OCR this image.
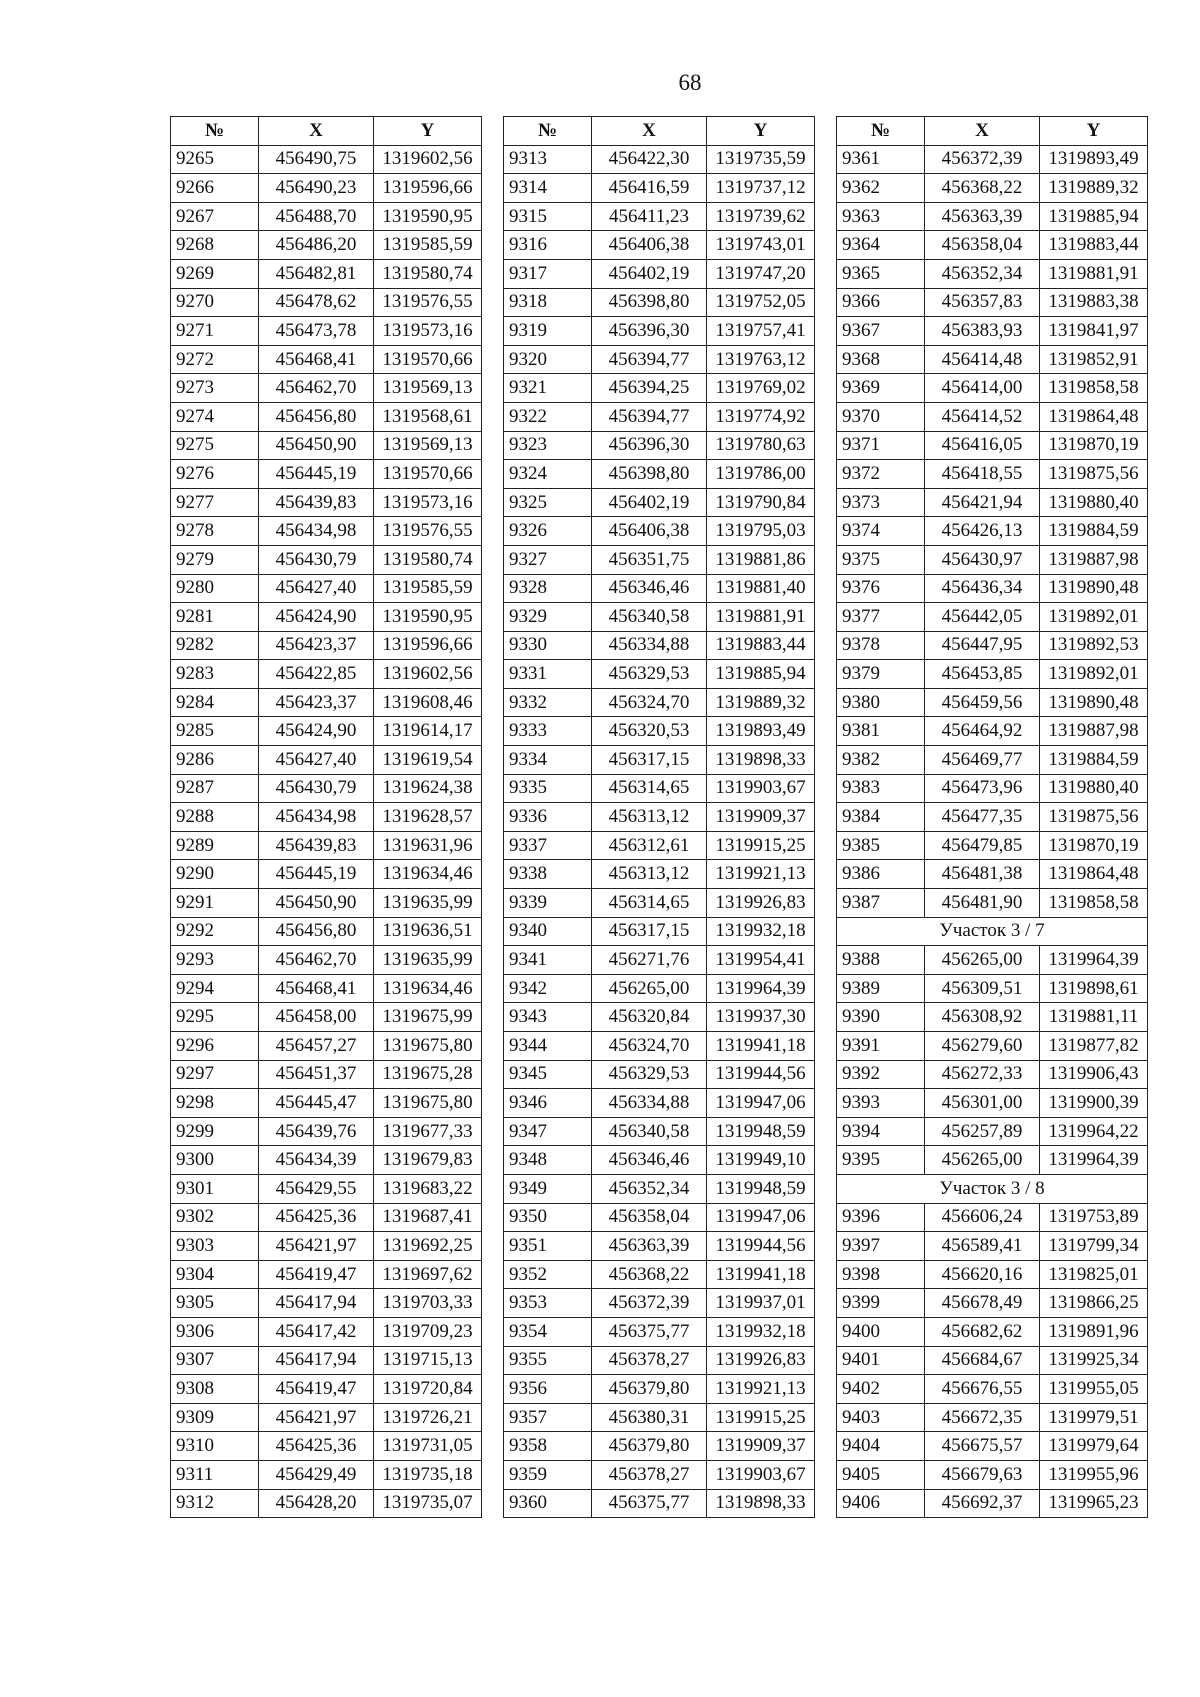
68
№	X	Y
9265	456490,75	1319602,56
9266	456490,23	1319596,66
9267	456488,70	1319590,95
9268	456486,20	1319585,59
9269	456482,81	1319580,74
9270	456478,62	1319576,55
9271	456473,78	1319573,16
9272	456468,41	1319570,66
9273	456462,70	1319569,13
9274	456456,80	1319568,61
9275	456450,90	1319569,13
9276	456445,19	1319570,66
9277	456439,83	1319573,16
9278	456434,98	1319576,55
9279	456430,79	1319580,74
9280	456427,40	1319585,59
9281	456424,90	1319590,95
9282	456423,37	1319596,66
9283	456422,85	1319602,56
9284	456423,37	1319608,46
9285	456424,90	1319614,17
9286	456427,40	1319619,54
9287	456430,79	1319624,38
9288	456434,98	1319628,57
9289	456439,83	1319631,96
9290	456445,19	1319634,46
9291	456450,90	1319635,99
9292	456456,80	1319636,51
9293	456462,70	1319635,99
9294	456468,41	1319634,46
9295	456458,00	1319675,99
9296	456457,27	1319675,80
9297	456451,37	1319675,28
9298	456445,47	1319675,80
9299	456439,76	1319677,33
9300	456434,39	1319679,83
9301	456429,55	1319683,22
9302	456425,36	1319687,41
9303	456421,97	1319692,25
9304	456419,47	1319697,62
9305	456417,94	1319703,33
9306	456417,42	1319709,23
9307	456417,94	1319715,13
9308	456419,47	1319720,84
9309	456421,97	1319726,21
9310	456425,36	1319731,05
9311	456429,49	1319735,18
9312	456428,20	1319735,07
№	X	Y
9313	456422,30	1319735,59
9314	456416,59	1319737,12
9315	456411,23	1319739,62
9316	456406,38	1319743,01
9317	456402,19	1319747,20
9318	456398,80	1319752,05
9319	456396,30	1319757,41
9320	456394,77	1319763,12
9321	456394,25	1319769,02
9322	456394,77	1319774,92
9323	456396,30	1319780,63
9324	456398,80	1319786,00
9325	456402,19	1319790,84
9326	456406,38	1319795,03
9327	456351,75	1319881,86
9328	456346,46	1319881,40
9329	456340,58	1319881,91
9330	456334,88	1319883,44
9331	456329,53	1319885,94
9332	456324,70	1319889,32
9333	456320,53	1319893,49
9334	456317,15	1319898,33
9335	456314,65	1319903,67
9336	456313,12	1319909,37
9337	456312,61	1319915,25
9338	456313,12	1319921,13
9339	456314,65	1319926,83
9340	456317,15	1319932,18
9341	456271,76	1319954,41
9342	456265,00	1319964,39
9343	456320,84	1319937,30
9344	456324,70	1319941,18
9345	456329,53	1319944,56
9346	456334,88	1319947,06
9347	456340,58	1319948,59
9348	456346,46	1319949,10
9349	456352,34	1319948,59
9350	456358,04	1319947,06
9351	456363,39	1319944,56
9352	456368,22	1319941,18
9353	456372,39	1319937,01
9354	456375,77	1319932,18
9355	456378,27	1319926,83
9356	456379,80	1319921,13
9357	456380,31	1319915,25
9358	456379,80	1319909,37
9359	456378,27	1319903,67
9360	456375,77	1319898,33
№	X	Y
9361	456372,39	1319893,49
9362	456368,22	1319889,32
9363	456363,39	1319885,94
9364	456358,04	1319883,44
9365	456352,34	1319881,91
9366	456357,83	1319883,38
9367	456383,93	1319841,97
9368	456414,48	1319852,91
9369	456414,00	1319858,58
9370	456414,52	1319864,48
9371	456416,05	1319870,19
9372	456418,55	1319875,56
9373	456421,94	1319880,40
9374	456426,13	1319884,59
9375	456430,97	1319887,98
9376	456436,34	1319890,48
9377	456442,05	1319892,01
9378	456447,95	1319892,53
9379	456453,85	1319892,01
9380	456459,56	1319890,48
9381	456464,92	1319887,98
9382	456469,77	1319884,59
9383	456473,96	1319880,40
9384	456477,35	1319875,56
9385	456479,85	1319870,19
9386	456481,38	1319864,48
9387	456481,90	1319858,58
Участок 3 / 7		
9388	456265,00	1319964,39
9389	456309,51	1319898,61
9390	456308,92	1319881,11
9391	456279,60	1319877,82
9392	456272,33	1319906,43
9393	456301,00	1319900,39
9394	456257,89	1319964,22
9395	456265,00	1319964,39
Участок 3 / 8		
9396	456606,24	1319753,89
9397	456589,41	1319799,34
9398	456620,16	1319825,01
9399	456678,49	1319866,25
9400	456682,62	1319891,96
9401	456684,67	1319925,34
9402	456676,55	1319955,05
9403	456672,35	1319979,51
9404	456675,57	1319979,64
9405	456679,63	1319955,96
9406	456692,37	1319965,23
